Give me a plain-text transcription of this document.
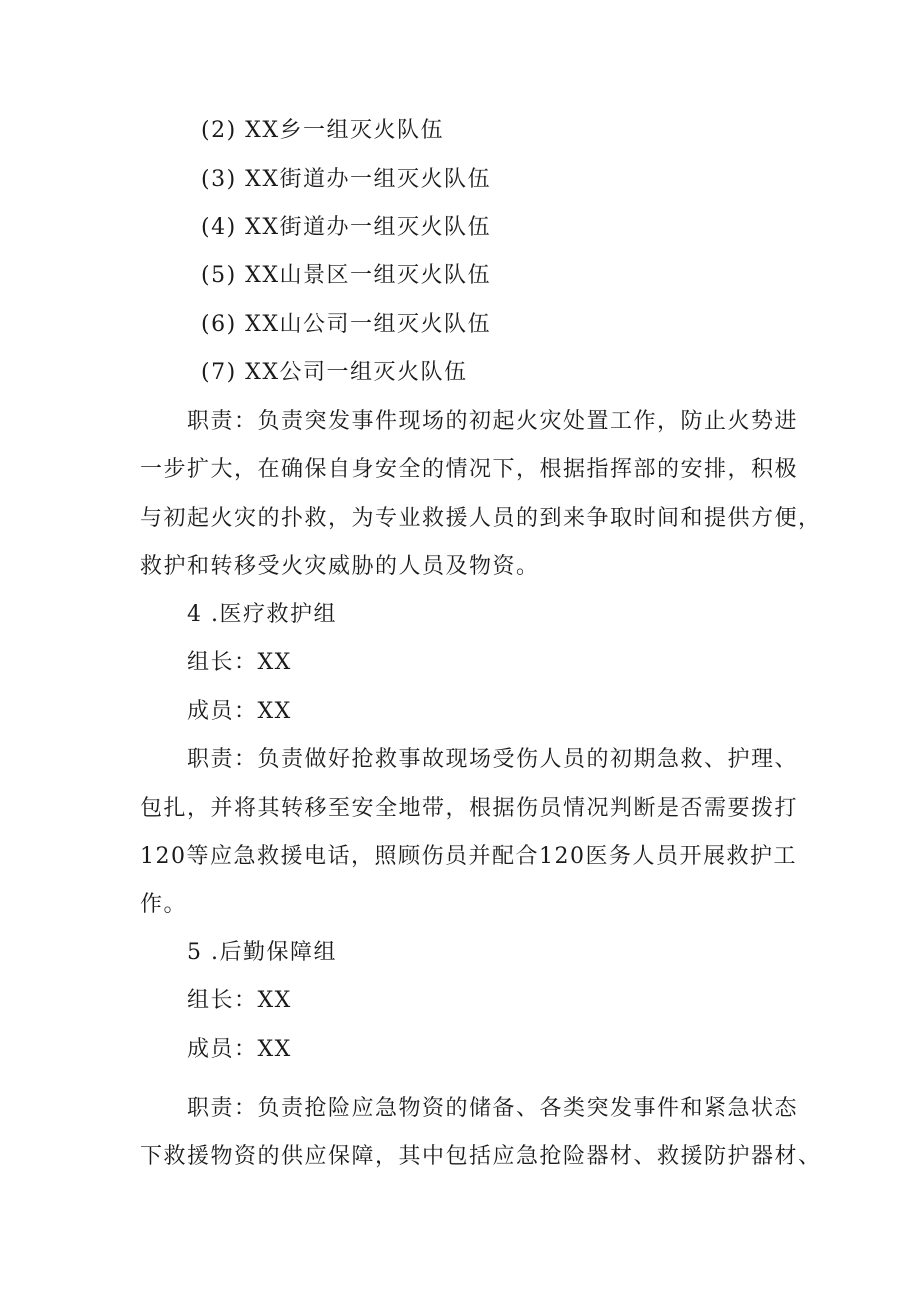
(2) XX乡一组灭火队伍
(3) XX街道办一组灭火队伍
(4) XX街道办一组灭火队伍
(5) XX山景区一组灭火队伍
(6) XX山公司一组灭火队伍
(7) XX公司一组灭火队伍
职责：负责突发事件现场的初起火灾处置工作，防止火势进
一步扩大，在确保自身安全的情况下，根据指挥部的安排，积极
与初起火灾的扑救，为专业救援人员的到来争取时间和提供方便，
救护和转移受火灾威胁的人员及物资。
4 .医疗救护组
组长：XX
成员：XX
职责：负责做好抢救事故现场受伤人员的初期急救、护理、
包扎，并将其转移至安全地带，根据伤员情况判断是否需要拨打
120等应急救援电话，照顾伤员并配合120医务人员开展救护工
作。
5 .后勤保障组
组长：XX
成员：XX
职责：负责抢险应急物资的储备、各类突发事件和紧急状态
下救援物资的供应保障，其中包括应急抢险器材、救援防护器材、
